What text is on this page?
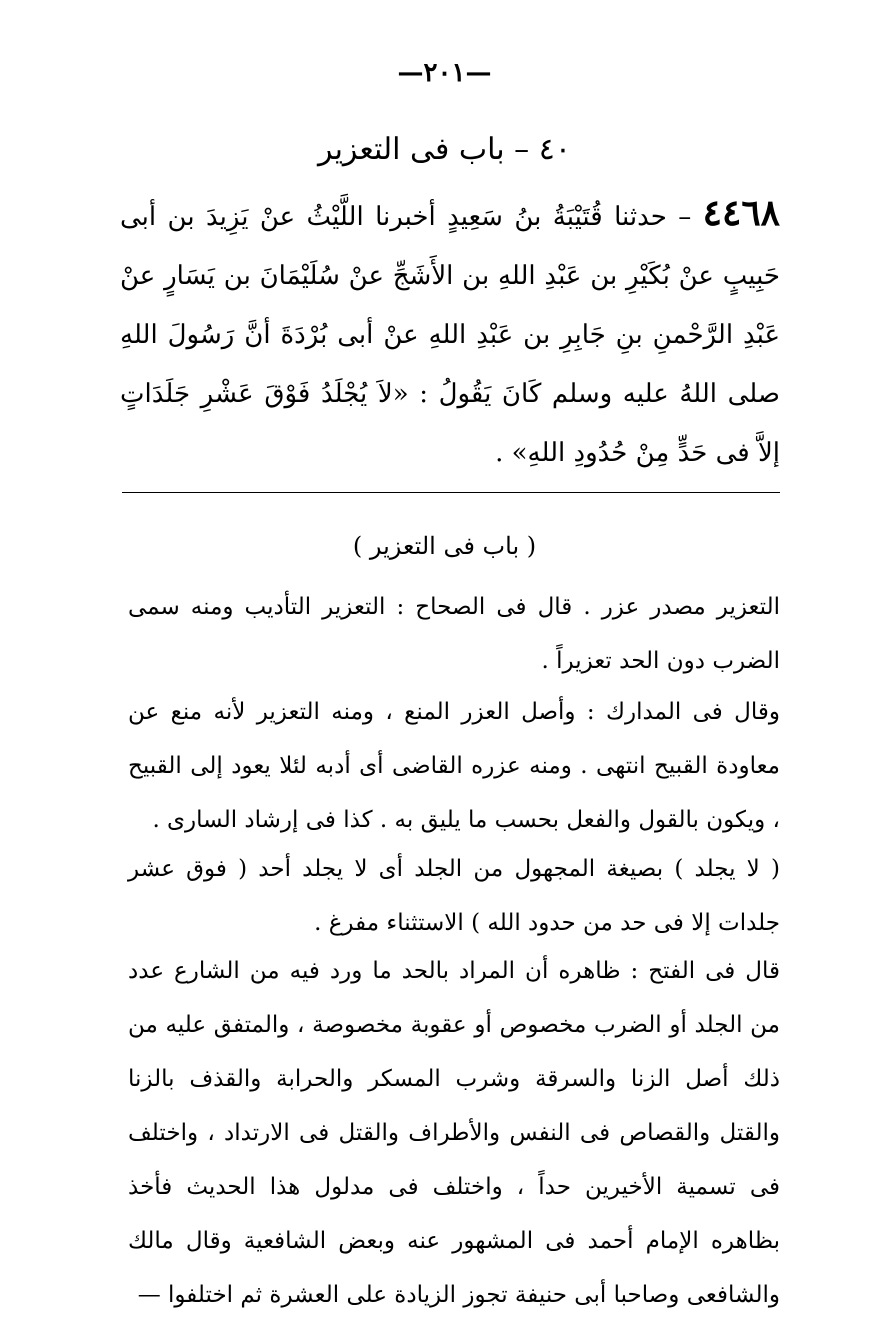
—٢٠١—
٤٠ – باب فى التعزير
٤٤٦٨ – حدثنا قُتَيْبَةُ بنُ سَعِيدٍ أخبرنا اللَّيْثُ عنْ يَزِيدَ بن أبى حَبِيبٍ عنْ بُكَيْرِ بن عَبْدِ اللهِ بن الأَشَجِّ عنْ سُلَيْمَانَ بن يَسَارٍ عنْ عَبْدِ الرَّحْمنِ بنِ جَابِرِ بن عَبْدِ اللهِ عنْ أبى بُرْدَةَ أنَّ رَسُولَ اللهِ صلى اللهُ عليه وسلم كَانَ يَقُولُ : «لاَ يُجْلَدُ فَوْقَ عَشْرِ جَلَدَاتٍ إلاَّ فى حَدٍّ مِنْ حُدُودِ اللهِ» .
( باب فى التعزير )
التعزير مصدر عزر . قال فى الصحاح : التعزير التأديب ومنه سمى الضرب دون الحد تعزيراً .
وقال فى المدارك : وأصل العزر المنع ، ومنه التعزير لأنه منع عن معاودة القبيح انتهى . ومنه عزره القاضى أى أدبه لئلا يعود إلى القبيح ، ويكون بالقول والفعل بحسب ما يليق به . كذا فى إرشاد السارى .
( لا يجلد ) بصيغة المجهول من الجلد أى لا يجلد أحد ( فوق عشر جلدات إلا فى حد من حدود الله ) الاستثناء مفرغ .
قال فى الفتح : ظاهره أن المراد بالحد ما ورد فيه من الشارع عدد من الجلد أو الضرب مخصوص أو عقوبة مخصوصة ، والمتفق عليه من ذلك أصل الزنا والسرقة وشرب المسكر والحرابة والقذف بالزنا والقتل والقصاص فى النفس والأطراف والقتل فى الارتداد ، واختلف فى تسمية الأخيرين حداً ، واختلف فى مدلول هذا الحديث فأخذ بظاهره الإمام أحمد فى المشهور عنه وبعض الشافعية وقال مالك والشافعى وصاحبا أبى حنيفة تجوز الزيادة على العشرة ثم اختلفوا —
